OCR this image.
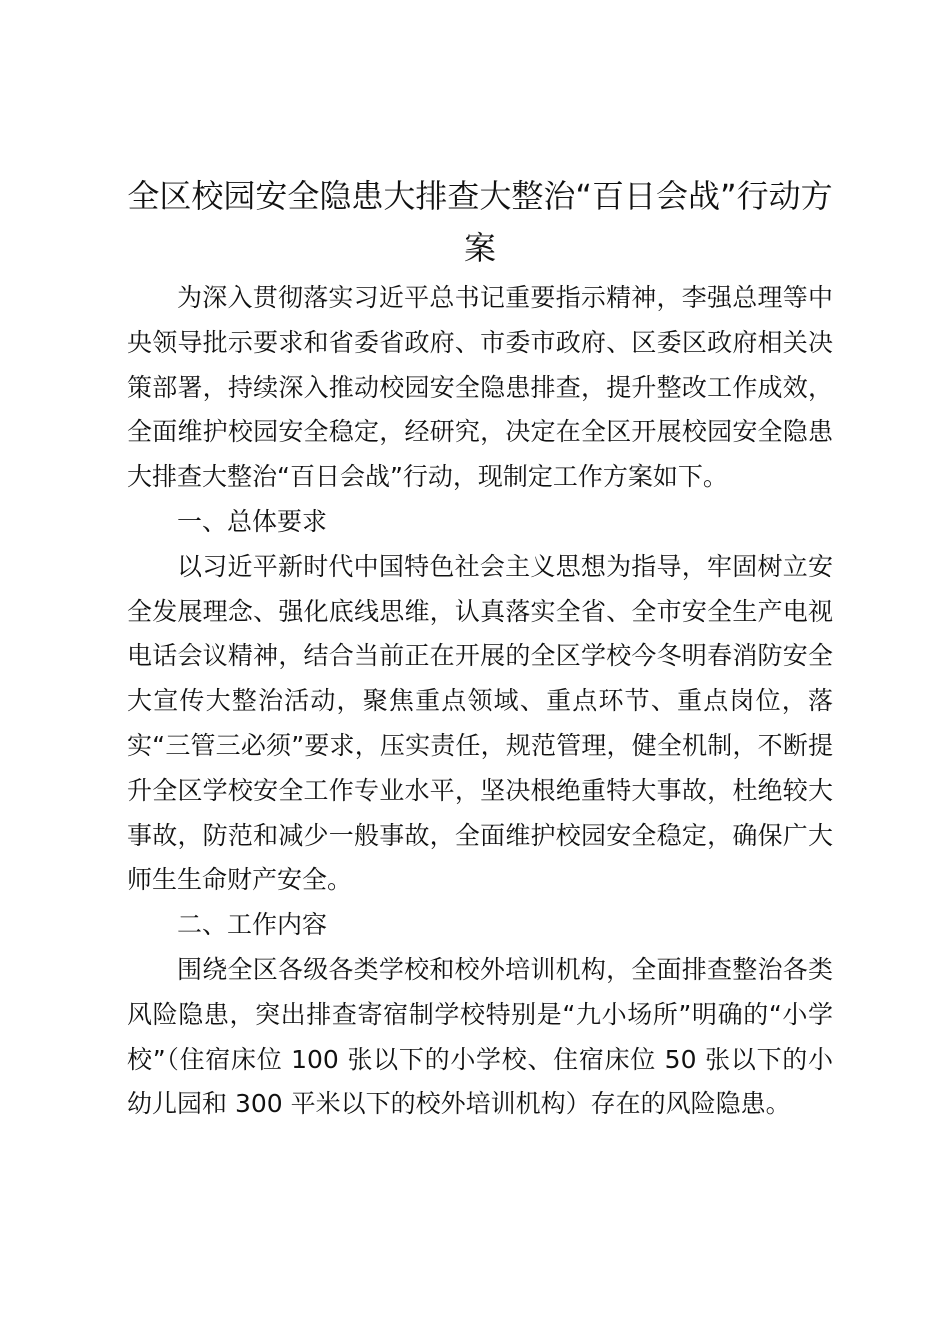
全区校园安全隐患大排查大整治“百日会战”行动方案

为深入贯彻落实习近平总书记重要指示精神，李强总理等中央领导批示要求和省委省政府、市委市政府、区委区政府相关决策部署，持续深入推动校园安全隐患排查，提升整改工作成效，全面维护校园安全稳定，经研究，决定在全区开展校园安全隐患大排查大整治“百日会战”行动，现制定工作方案如下。

一、总体要求

以习近平新时代中国特色社会主义思想为指导，牢固树立安全发展理念、强化底线思维，认真落实全省、全市安全生产电视电话会议精神，结合当前正在开展的全区学校今冬明春消防安全大宣传大整治活动，聚焦重点领域、重点环节、重点岗位，落实“三管三必须”要求，压实责任，规范管理，健全机制，不断提升全区学校安全工作专业水平，坚决根绝重特大事故，杜绝较大事故，防范和减少一般事故，全面维护校园安全稳定，确保广大师生生命财产安全。

二、工作内容

围绕全区各级各类学校和校外培训机构，全面排查整治各类风险隐患，突出排查寄宿制学校特别是“九小场所”明确的“小学校”（住宿床位 100 张以下的小学校、住宿床位 50 张以下的小幼儿园和 300 平米以下的校外培训机构）存在的风险隐患。
